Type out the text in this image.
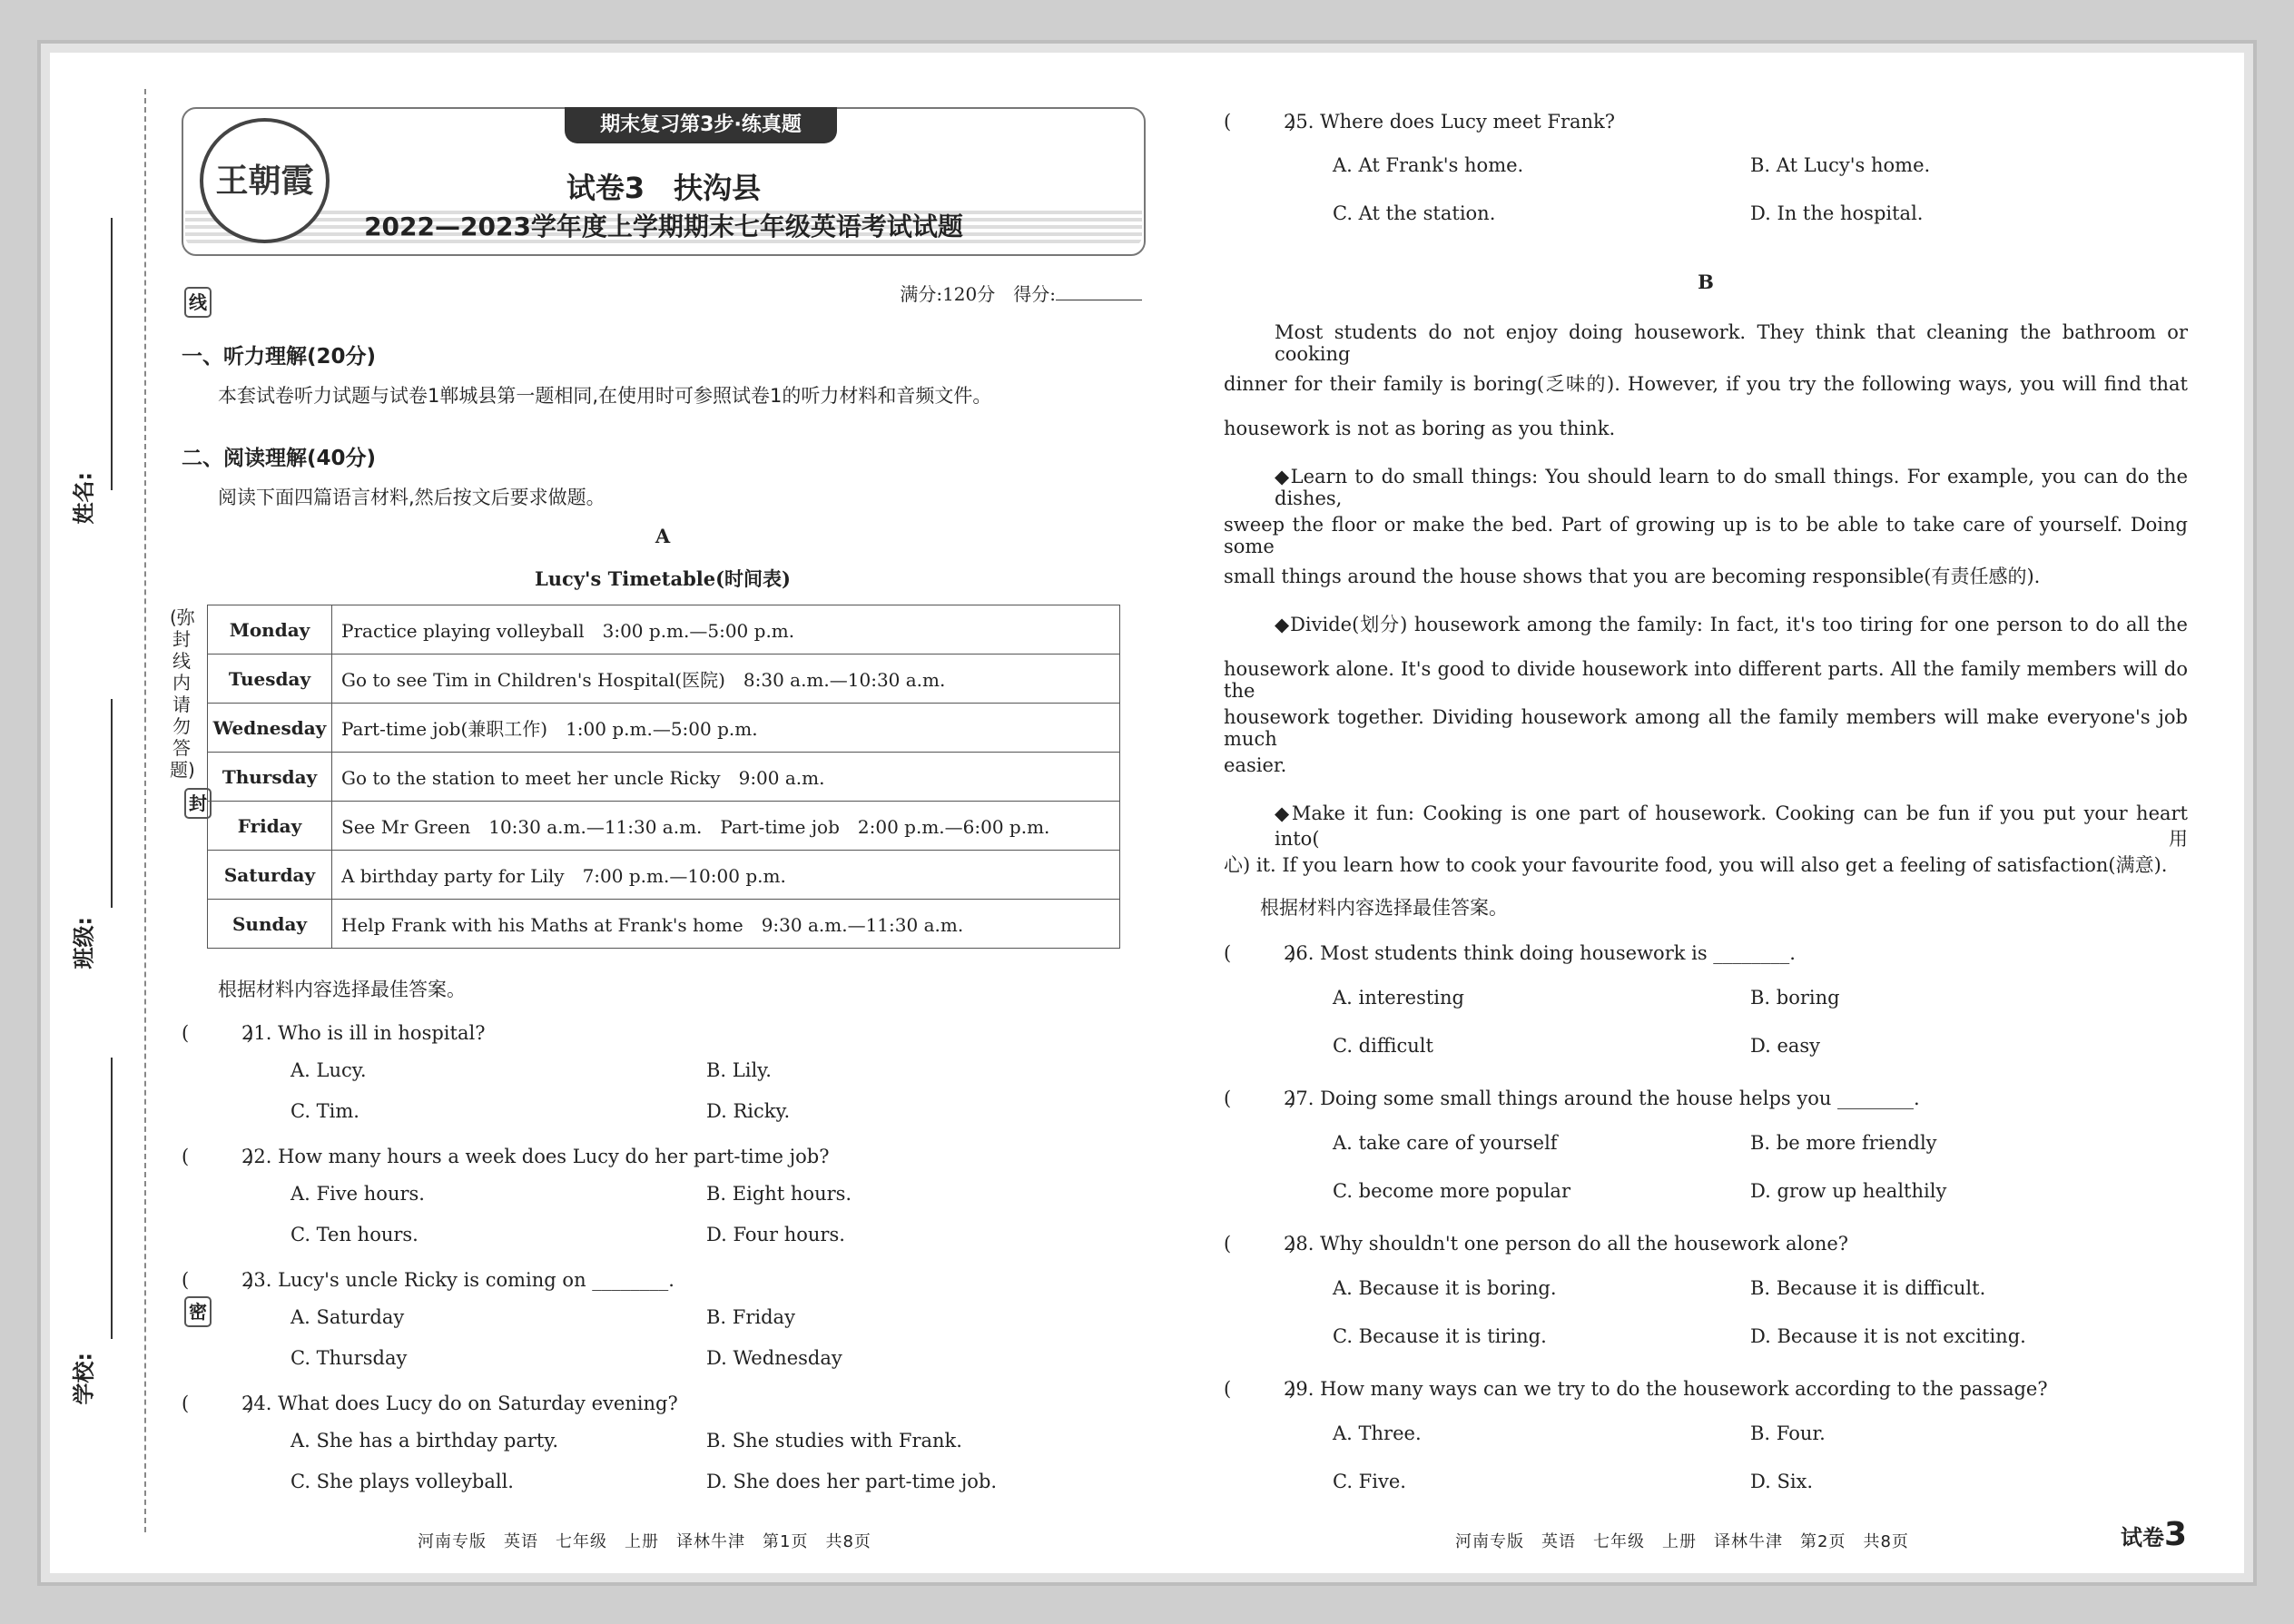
线
封
密
(弥封线内请勿答题)
姓名:
班级:
学校:
王朝霞
期末复习第3步·练真题
试卷3　扶沟县
2022—2023学年度上学期期末七年级英语考试试题
满分:120分　得分:
一、听力理解(20分)
本套试卷听力试题与试卷1郸城县第一题相同,在使用时可参照试卷1的听力材料和音频文件。
二、阅读理解(40分)
阅读下面四篇语言材料,然后按文后要求做题。
A
Lucy's Timetable(时间表)
Monday	Practice playing volleyball　3:00 p.m.—5:00 p.m.
Tuesday	Go to see Tim in Children's Hospital(医院)　8:30 a.m.—10:30 a.m.
Wednesday	Part-time job(兼职工作)　1:00 p.m.—5:00 p.m.
Thursday	Go to the station to meet her uncle Ricky　9:00 a.m.
Friday	See Mr Green　10:30 a.m.—11:30 a.m.　Part-time job　2:00 p.m.—6:00 p.m.
Saturday	A birthday party for Lily　7:00 p.m.—10:00 p.m.
Sunday	Help Frank with his Maths at Frank's home　9:30 a.m.—11:30 a.m.
根据材料内容选择最佳答案。
(　　　)21. Who is ill in hospital?
A. Lucy.	B. Lily.
C. Tim.	D. Ricky.
(　　　)22. How many hours a week does Lucy do her part-time job?
A. Five hours.	B. Eight hours.
C. Ten hours.	D. Four hours.
(　　　)23. Lucy's uncle Ricky is coming on ________.
A. Saturday	B. Friday
C. Thursday	D. Wednesday
(　　　)24. What does Lucy do on Saturday evening?
A. She has a birthday party.	B. She studies with Frank.
C. She plays volleyball.	D. She does her part-time job.
河南专版　英语　七年级　上册　译林牛津　第1页　共8页
(　　　)25. Where does Lucy meet Frank?
A. At Frank's home.	B. At Lucy's home.
C. At the station.	D. In the hospital.
B
Most students do not enjoy doing housework. They think that cleaning the bathroom or cooking
dinner for their family is boring(乏味的). However, if you try the following ways, you will find that
housework is not as boring as you think.
◆Learn to do small things: You should learn to do small things. For example, you can do the dishes,
sweep the floor or make the bed. Part of growing up is to be able to take care of yourself. Doing some
small things around the house shows that you are becoming responsible(有责任感的).
◆Divide(划分) housework among the family: In fact, it's too tiring for one person to do all the
housework alone. It's good to divide housework into different parts. All the family members will do the
housework together. Dividing housework among all the family members will make everyone's job much
easier.
◆Make it fun: Cooking is one part of housework. Cooking can be fun if you put your heart into(用
心) it. If you learn how to cook your favourite food, you will also get a feeling of satisfaction(满意).
根据材料内容选择最佳答案。
(　　　)26. Most students think doing housework is ________.
A. interesting	B. boring
C. difficult	D. easy
(　　　)27. Doing some small things around the house helps you ________.
A. take care of yourself	B. be more friendly
C. become more popular	D. grow up healthily
(　　　)28. Why shouldn't one person do all the housework alone?
A. Because it is boring.	B. Because it is difficult.
C. Because it is tiring.	D. Because it is not exciting.
(　　　)29. How many ways can we try to do the housework according to the passage?
A. Three.	B. Four.
C. Five.	D. Six.
河南专版　英语　七年级　上册　译林牛津　第2页　共8页	试卷3
